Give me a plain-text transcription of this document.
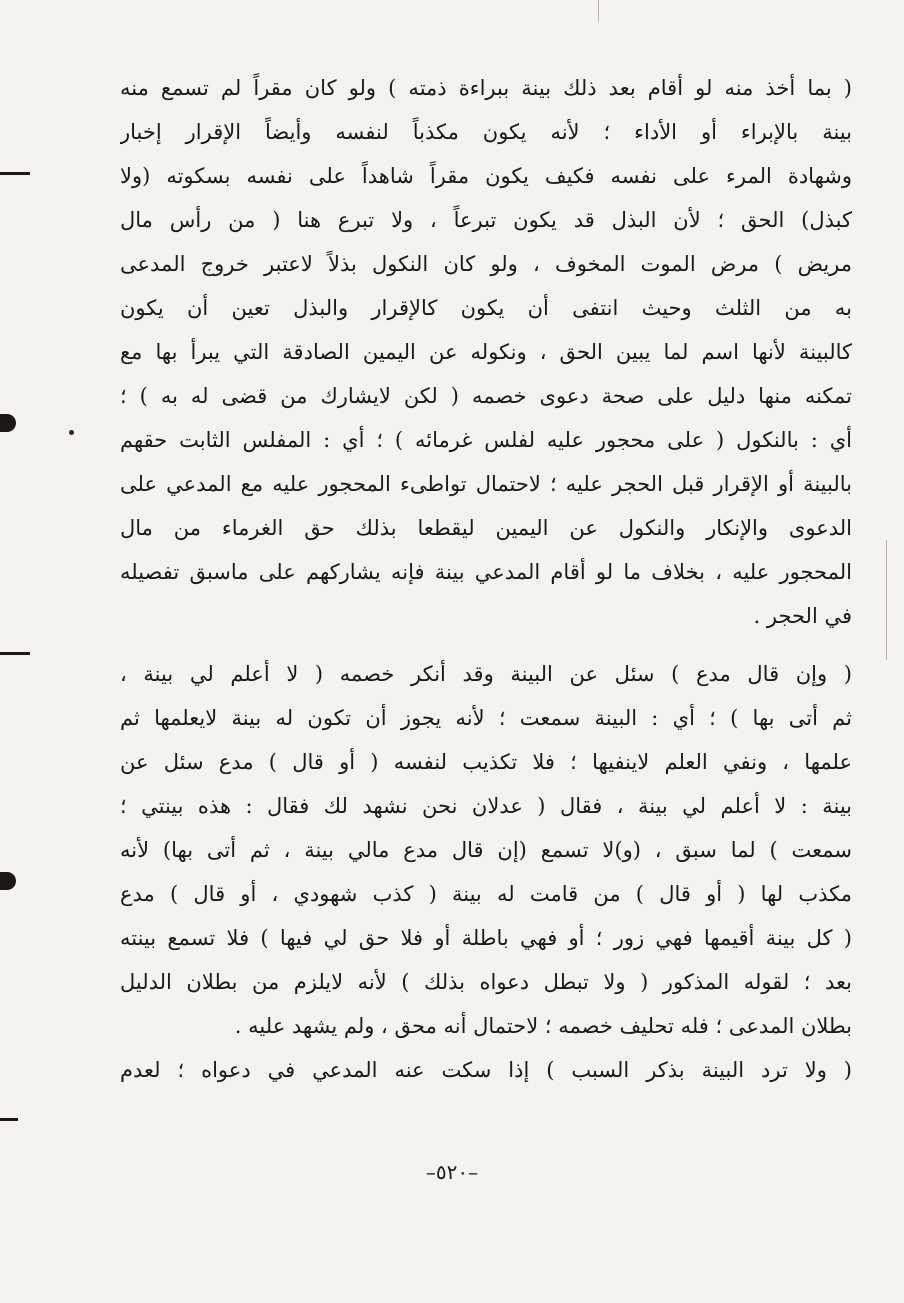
( بما أخذ منه لو أقام بعد ذلك بينة ببراءة ذمته ) ولو كان مقراً لم تسمع منه
بينة بالإبراء أو الأداء ؛ لأنه يكون مكذباً لنفسه وأيضاً الإقرار إخبار
وشهادة المرء على نفسه فكيف يكون مقراً شاهداً على نفسه بسكوته (ولا
كبذل) الحق ؛ لأن البذل قد يكون تبرعاً ، ولا تبرع هنا ( من رأس مال
مريض ) مرض الموت المخوف ، ولو كان النكول بذلاً لاعتبر خروج المدعى
به من الثلث وحيث انتفى أن يكون كالإقرار والبذل تعين أن يكون
كالبينة لأنها اسم لما يبين الحق ، ونكوله عن اليمين الصادقة التي يبرأ بها مع
تمكنه منها دليل على صحة دعوى خصمه ( لكن لايشارك من قضى له به ) ؛
أي : بالنكول ( على محجور عليه لفلس غرمائه ) ؛ أي : المفلس الثابت حقهم
بالبينة أو الإقرار قبل الحجر عليه ؛ لاحتمال تواطىء المحجور عليه مع المدعي على
الدعوى والإنكار والنكول عن اليمين ليقطعا بذلك حق الغرماء من مال
المحجور عليه ، بخلاف ما لو أقام المدعي بينة فإنه يشاركهم على ماسبق تفصيله
في الحجر .
( وإن قال مدع ) سئل عن البينة وقد أنكر خصمه ( لا أعلم لي بينة ،
ثم أتى بها ) ؛ أي : البينة سمعت ؛ لأنه يجوز أن تكون له بينة لايعلمها ثم
علمها ، ونفي العلم لاينفيها ؛ فلا تكذيب لنفسه ( أو قال ) مدع سئل عن
بينة : لا أعلم لي بينة ، فقال ( عدلان نحن نشهد لك فقال : هذه بينتي ؛
سمعت ) لما سبق ، (و)لا تسمع (إن قال مدع مالي بينة ، ثم أتى بها) لأنه
مكذب لها ( أو قال ) من قامت له بينة ( كذب شهودي ، أو قال ) مدع
( كل بينة أقيمها فهي زور ؛ أو فهي باطلة أو فلا حق لي فيها ) فلا تسمع بينته
بعد ؛ لقوله المذكور ( ولا تبطل دعواه بذلك ) لأنه لايلزم من بطلان الدليل
بطلان المدعى ؛ فله تحليف خصمه ؛ لاحتمال أنه محق ، ولم يشهد عليه .
( ولا ترد البينة بذكر السبب ) إذا سكت عنه المدعي في دعواه ؛ لعدم
–٥٢٠–
